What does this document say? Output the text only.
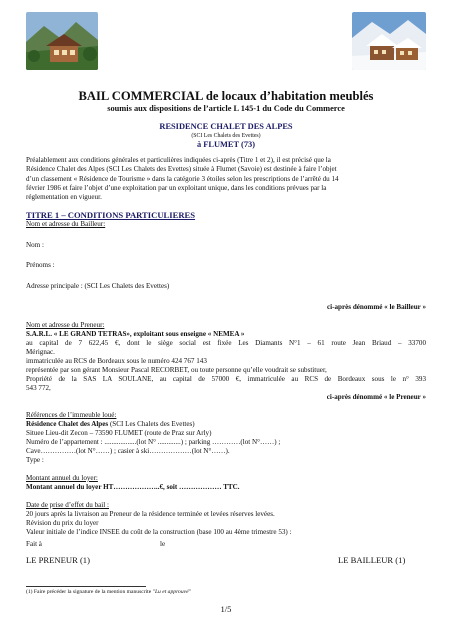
BAIL COMMERCIAL de locaux d’habitation meublés
soumis aux dispositions de l’article L 145-1 du Code du Commerce
RESIDENCE CHALET DES ALPES
(SCI Les Chalets des Evettes)
à FLUMET (73)
Préalablement aux conditions générales et particulières indiquées ci-après (Titre 1 et 2), il est précisé que la
Résidence Chalet des Alpes (SCI Les Chalets des Evettes) située à Flumet (Savoie) est destinée à faire l’objet
d’un classement « Résidence de Tourisme » dans la catégorie 3 étoiles selon les prescriptions de l’arrêté du 14
février 1986 et faire l’objet d’une exploitation par un exploitant unique, dans les conditions prévues par la
réglementation en vigueur.
TITRE 1 – CONDITIONS PARTICULIERES
Nom et adresse du Bailleur:
Nom :
Prénoms :
Adresse principale : (SCI Les Chalets des Evettes)
ci-après dénommé « le Bailleur »
Nom et adresse du Preneur:
S.A.R.L. « LE GRAND TETRAS», exploitant sous enseigne « NEMEA »
au capital de 7 622,45 €, dont le siège social est fixée Les Diamants N°1 – 61 route Jean Briaud – 33700
Mérignac.
immatriculée au RCS de Bordeaux sous le numéro 424 767 143
représentée par son gérant Monsieur Pascal RECORBET, ou toute personne qu’elle voudrait se substituer,
Propriété de la SAS LA SOULANE, au capital de 57000 €, immatriculée au RCS de Bordeaux sous le n° 393
543 772,
ci-après dénommé « le Preneur »
Références de l’immeuble loué:
Résidence Chalet des Alpes (SCI Les Chalets des Evettes)
Situee Lieu-dit Zecon – 73590 FLUMET (route de Praz sur Arly)
Numéro de l’appartement : ..................(lot N° .............) ; parking …………(lot N°……) ;
Cave……………(lot N°……) ; casier à ski………………(lot N°……).
Type :
Montant annuel du loyer:
Montant annuel du loyer HT………………..€, soit ……………… TTC.
Date de prise d’effet du bail :
20 jours après la livraison au Preneur de la résidence terminée et levées réserves levées.
Révision du prix du loyer
Valeur initiale de l’indice INSEE du coût de la construction (base 100 au 4ème trimestre 53) :
Fait à	le
LE PRENEUR (1)	LE BAILLEUR (1)
(1) Faire précéder la signature de la mention manuscrite "Lu et approuvé"
1/5
